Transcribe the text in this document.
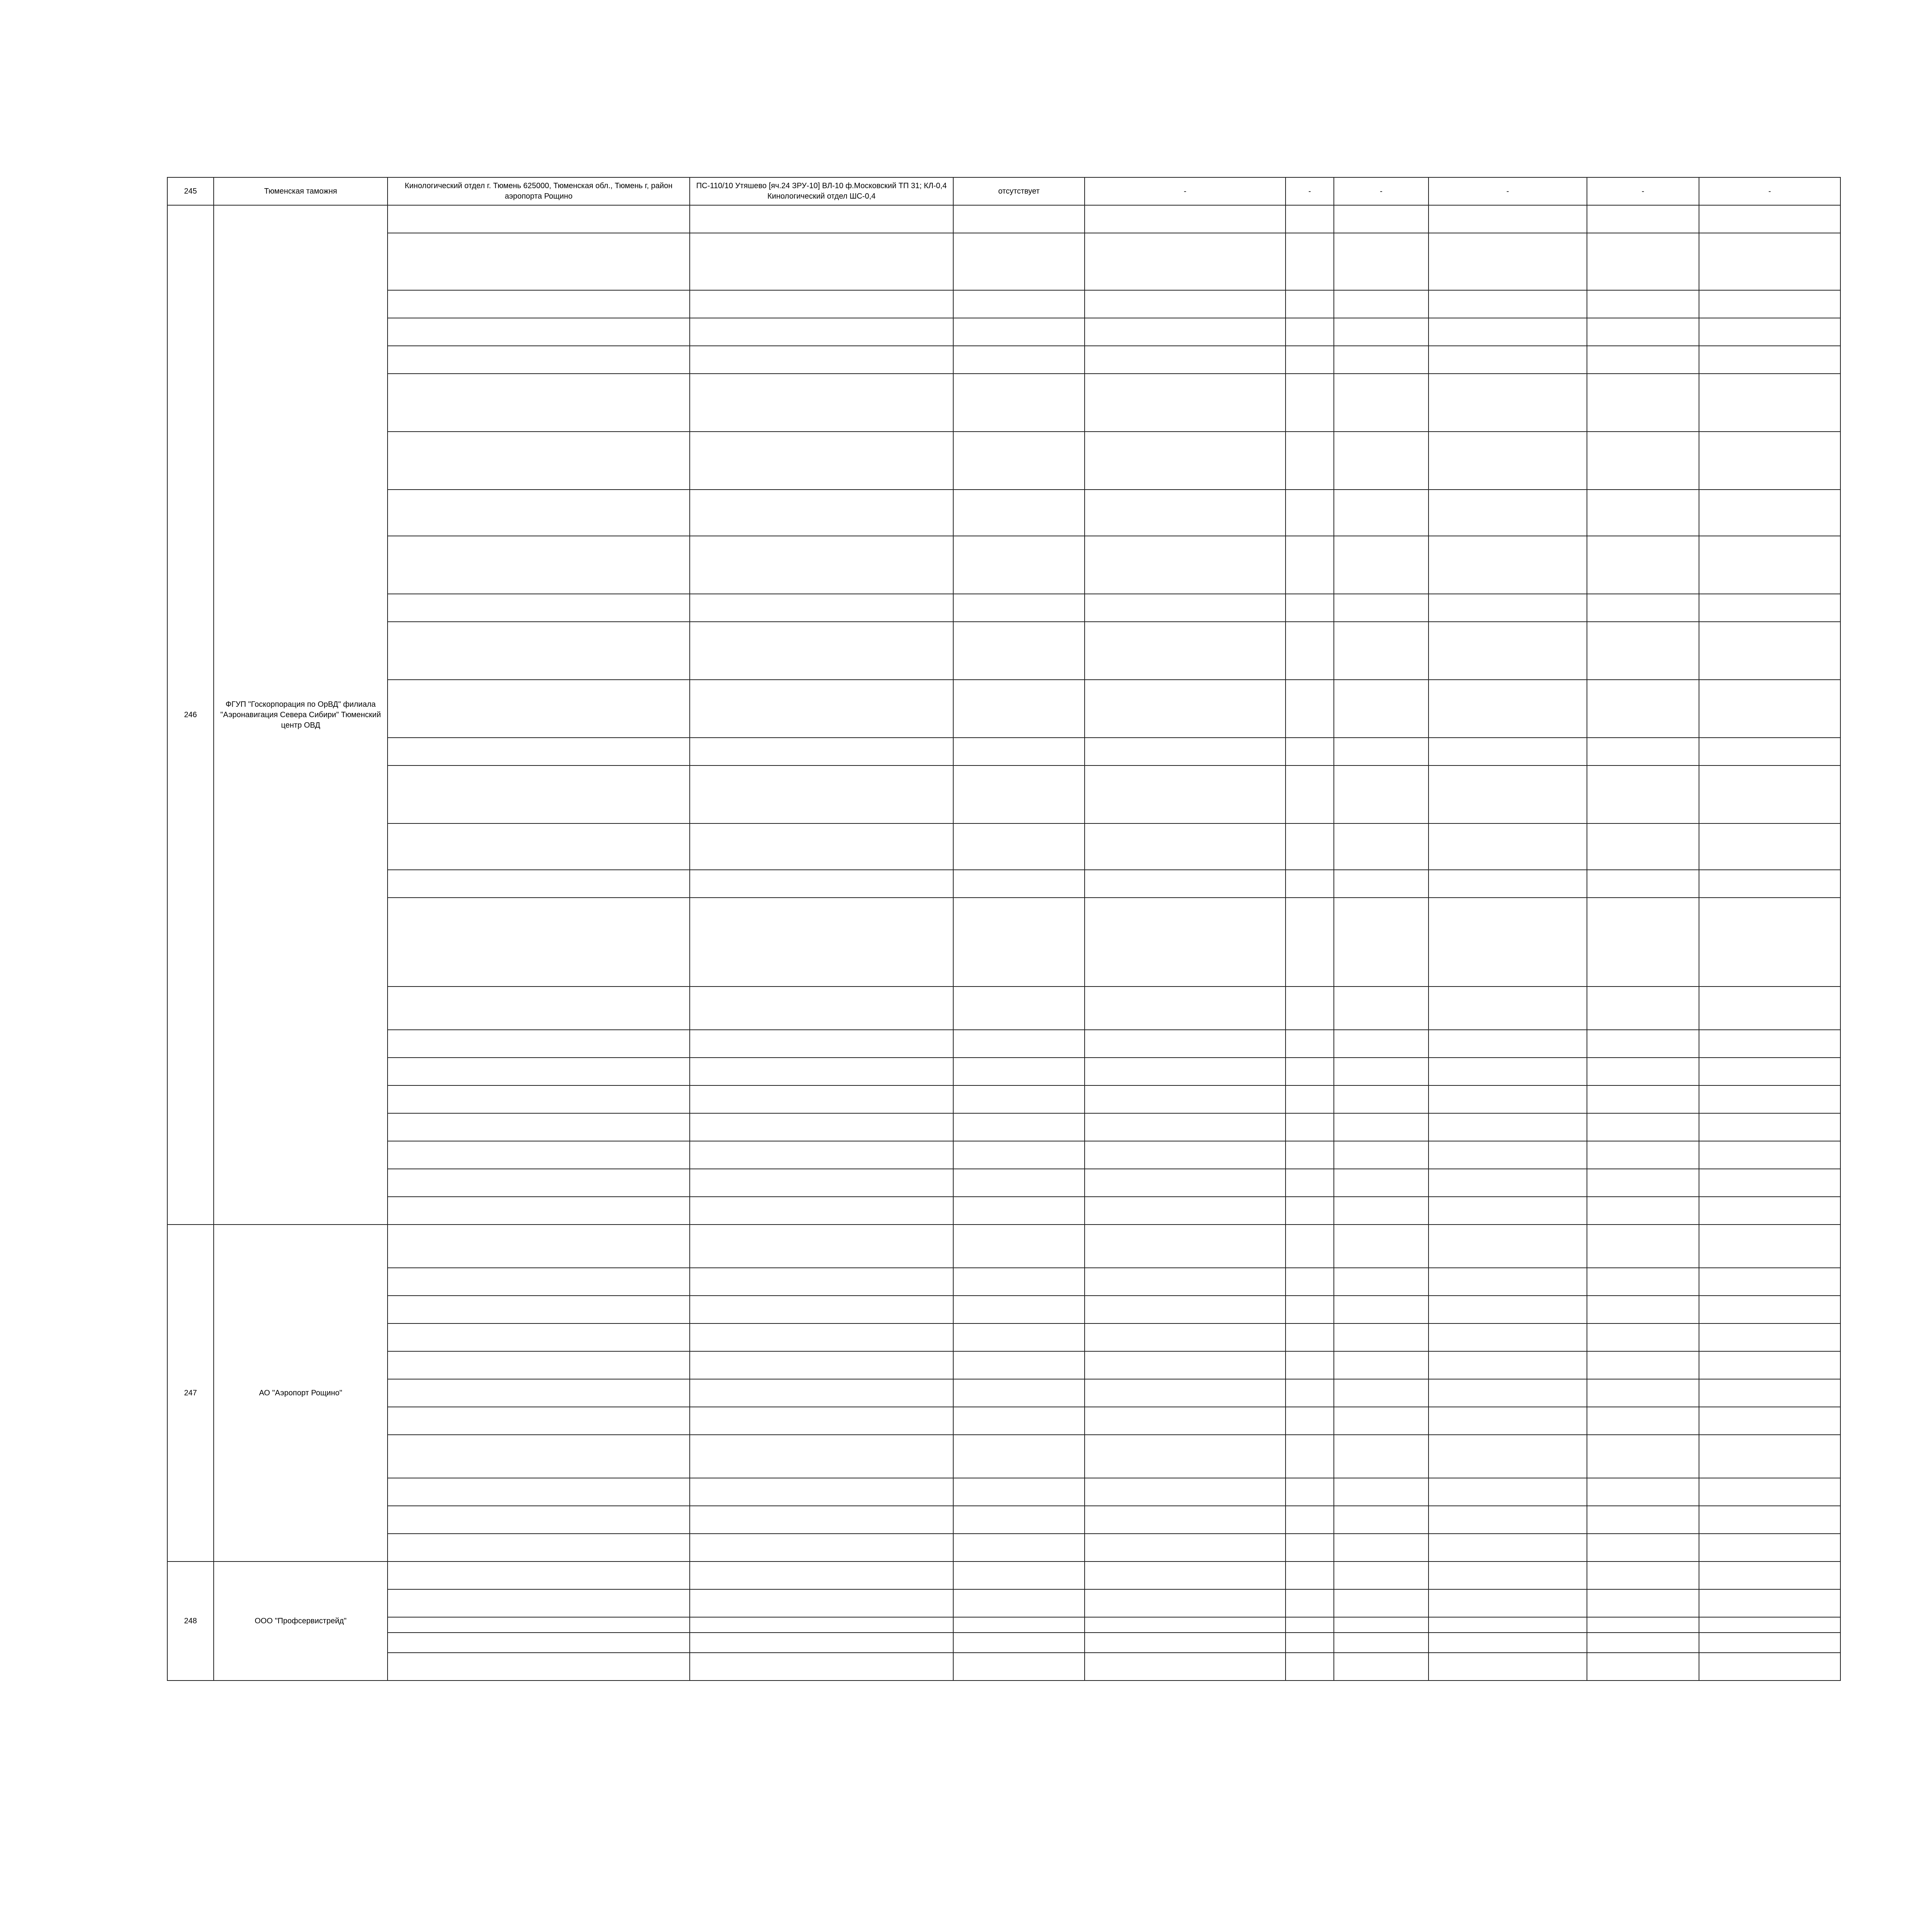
245	Тюменская таможня	Кинологический отдел г. Тюмень 625000, Тюменская обл., Тюмень г, район аэропорта Рощино	ПС-110/10 Утяшево [яч.24 ЗРУ-10] ВЛ-10 ф.Московский ТП 31; КЛ-0,4 Кинологический отдел ШС-0,4	отсутствует	-	-	-	-	-	-
246	ФГУП "Госкорпорация по ОрВД" филиала "Аэронавигация Севера Сибири" Тюменский центр ОВД									

247	АО "Аэропорт Рощино"									

248	ООО "Профсервистрейд"									
